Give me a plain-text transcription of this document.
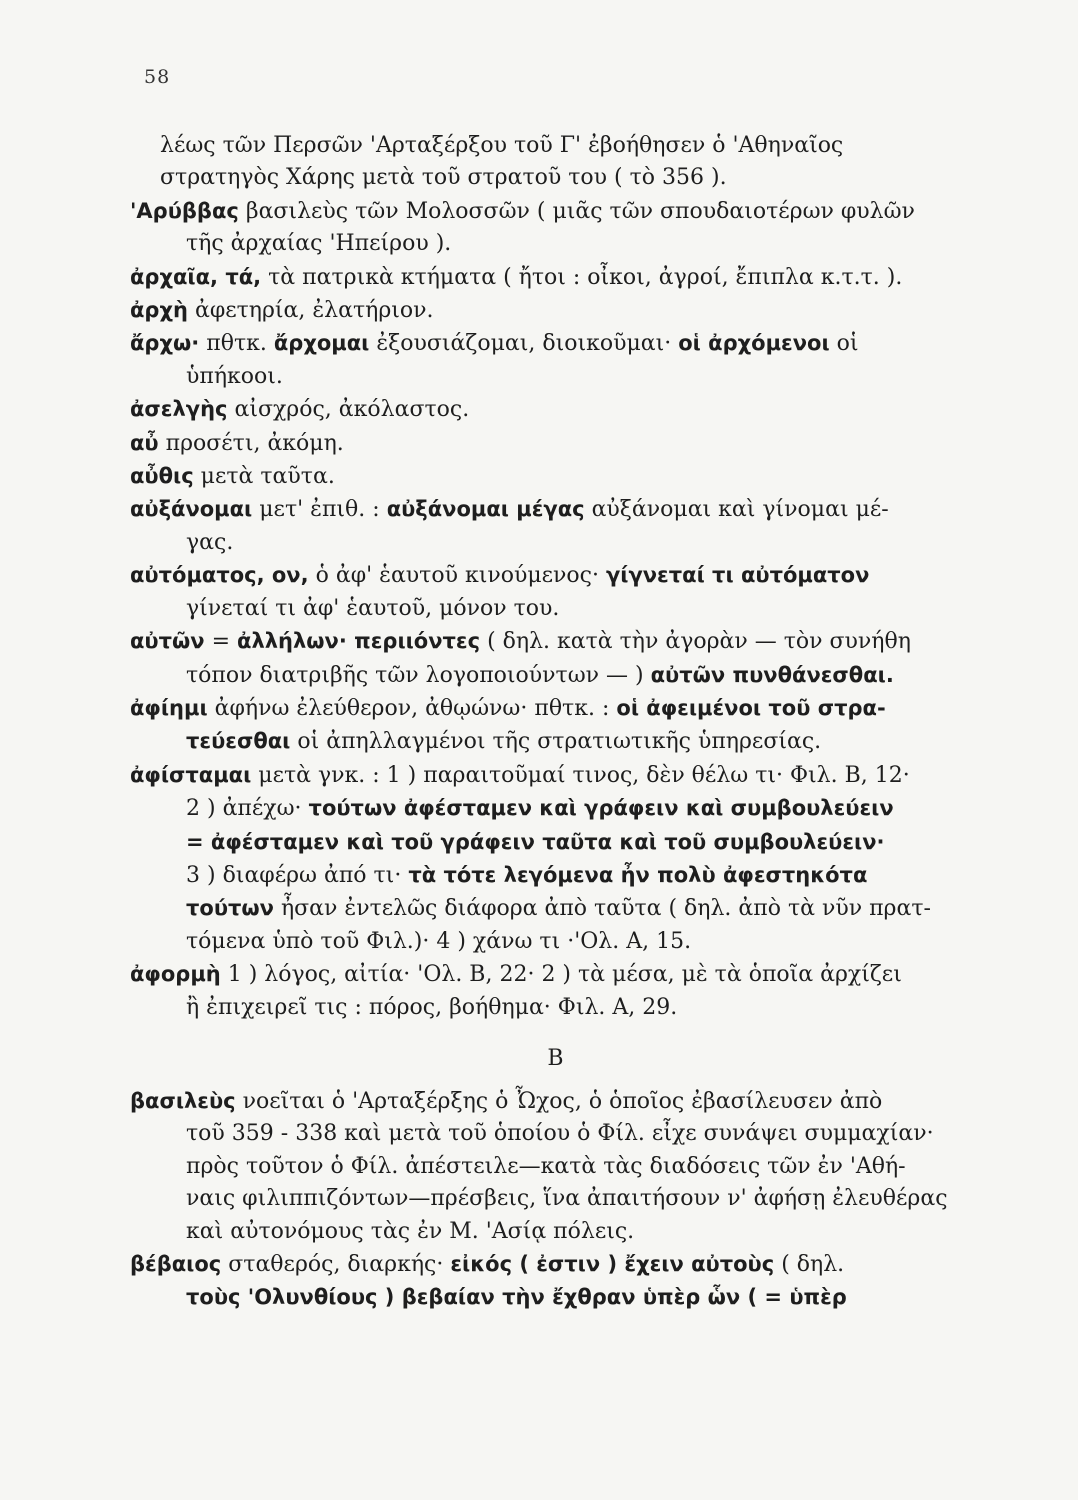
58
λέως τῶν Περσῶν 'Αρταξέρξου τοῦ Γ' ἐβοήθησεν ὁ 'Αθηναῖος
στρατηγὸς Χάρης μετὰ τοῦ στρατοῦ του ( τὸ 356 ).
'Αρύββας βασιλεὺς τῶν Μολοσσῶν ( μιᾶς τῶν σπουδαιοτέρων φυλῶν
τῆς ἀρχαίας 'Ηπείρου ).
ἀρχαῖα, τά, τὰ πατρικὰ κτήματα ( ἤτοι : οἶκοι, ἀγροί, ἔπιπλα κ.τ.τ. ).
ἀρχὴ ἀφετηρία, ἐλατήριον.
ἄρχω· πθτκ. ἄρχομαι ἐξουσιάζομαι, διοικοῦμαι· οἱ ἀρχόμενοι οἱ
ὑπήκοοι.
ἀσελγὴς αἰσχρός, ἀκόλαστος.
αὖ προσέτι, ἀκόμη.
αὖθις μετὰ ταῦτα.
αὐξάνομαι μετ' ἐπιθ. : αὐξάνομαι μέγας αὐξάνομαι καὶ γίνομαι μέ-
γας.
αὐτόματος, ον, ὁ ἀφ' ἑαυτοῦ κινούμενος· γίγνεταί τι αὐτόματον
γίνεταί τι ἀφ' ἑαυτοῦ, μόνον του.
αὐτῶν = ἀλλήλων· περιιόντες ( δηλ. κατὰ τὴν ἀγορὰν — τὸν συνήθη
τόπον διατριβῆς τῶν λογοποιούντων — ) αὐτῶν πυνθάνεσθαι.
ἀφίημι ἀφήνω ἐλεύθερον, ἀθῳώνω· πθτκ. : οἱ ἀφειμένοι τοῦ στρα-
τεύεσθαι οἱ ἀπηλλαγμένοι τῆς στρατιωτικῆς ὑπηρεσίας.
ἀφίσταμαι μετὰ γνκ. : 1 ) παραιτοῦμαί τινος, δὲν θέλω τι· Φιλ. Β, 12·
2 ) ἀπέχω· τούτων ἀφέσταμεν καὶ γράφειν καὶ συμβουλεύειν
= ἀφέσταμεν καὶ τοῦ γράφειν ταῦτα καὶ τοῦ συμβουλεύειν·
3 ) διαφέρω ἀπό τι· τὰ τότε λεγόμενα ἦν πολὺ ἀφεστηκότα
τούτων ἦσαν ἐντελῶς διάφορα ἀπὸ ταῦτα ( δηλ. ἀπὸ τὰ νῦν πρατ-
τόμενα ὑπὸ τοῦ Φιλ.)· 4 ) χάνω τι ·'Ολ. Α, 15.
ἀφορμὴ 1 ) λόγος, αἰτία· 'Ολ. Β, 22· 2 ) τὰ μέσα, μὲ τὰ ὁποῖα ἀρχίζει
ἢ ἐπιχειρεῖ τις : πόρος, βοήθημα· Φιλ. Α, 29.
Β
βασιλεὺς νοεῖται ὁ 'Αρταξέρξης ὁ Ὦχος, ὁ ὁποῖος ἐβασίλευσεν ἀπὸ
τοῦ 359 - 338 καὶ μετὰ τοῦ ὁποίου ὁ Φίλ. εἶχε συνάψει συμμαχίαν·
πρὸς τοῦτον ὁ Φίλ. ἀπέστειλε—κατὰ τὰς διαδόσεις τῶν ἐν 'Αθή-
ναις φιλιππιζόντων—πρέσβεις, ἵνα ἀπαιτήσουν ν' ἀφήσῃ ἐλευθέρας
καὶ αὐτονόμους τὰς ἐν Μ. 'Ασίᾳ πόλεις.
βέβαιος σταθερός, διαρκής· εἰκός ( ἐστιν ) ἔχειν αὐτοὺς ( δηλ.
τοὺς 'Ολυνθίους ) βεβαίαν τὴν ἔχθραν ὑπὲρ ὧν ( = ὑπὲρ
